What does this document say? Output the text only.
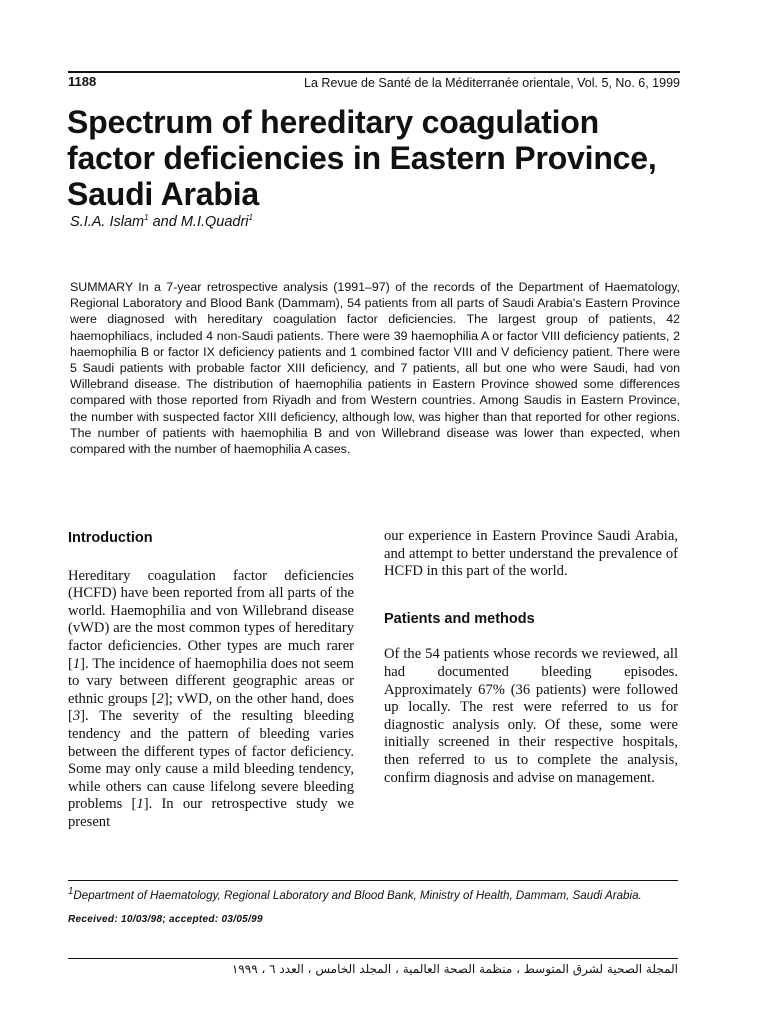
1188	La Revue de Santé de la Méditerranée orientale, Vol. 5, No. 6, 1999
Spectrum of hereditary coagulation factor deficiencies in Eastern Province, Saudi Arabia
S.I.A. Islam$^1$ and M.I.Quadri$^1$

SUMMARY In a 7-year retrospective analysis (1991–97) of the records of the Department of Haematology, Regional Laboratory and Blood Bank (Dammam), 54 patients from all parts of Saudi Arabia's Eastern Province were diagnosed with hereditary coagulation factor deficiencies. The largest group of patients, 42 haemophiliacs, included 4 non-Saudi patients. There were 39 haemophilia A or factor VIII deficiency patients, 2 haemophilia B or factor IX deficiency patients and 1 combined factor VIII and V deficiency patient. There were 5 Saudi patients with probable factor XIII deficiency, and 7 patients, all but one who were Saudi, had von Willebrand disease. The distribution of haemophilia patients in Eastern Province showed some differences compared with those reported from Riyadh and from Western countries. Among Saudis in Eastern Province, the number with suspected factor XIII deficiency, although low, was higher than that reported for other regions. The number of patients with haemophilia B and von Willebrand disease was lower than expected, when compared with the number of haemophilia A cases.

Introduction

Hereditary coagulation factor deficiencies (HCFD) have been reported from all parts of the world. Haemophilia and von Willebrand disease (vWD) are the most common types of hereditary factor deficiencies. Other types are much rarer [1]. The incidence of haemophilia does not seem to vary between different geographic areas or ethnic groups [2]; vWD, on the other hand, does [3]. The severity of the resulting bleeding tendency and the pattern of bleeding varies between the different types of factor deficiency. Some may only cause a mild bleeding tendency, while others can cause lifelong severe bleeding problems [1]. In our retrospective study we present

our experience in Eastern Province Saudi Arabia, and attempt to better understand the prevalence of HCFD in this part of the world.

Patients and methods

Of the 54 patients whose records we reviewed, all had documented bleeding episodes. Approximately 67% (36 patients) were followed up locally. The rest were referred to us for diagnostic analysis only. Of these, some were initially screened in their respective hospitals, then referred to us to complete the analysis, confirm diagnosis and advise on management.

$^1$Department of Haematology, Regional Laboratory and Blood Bank, Ministry of Health, Dammam, Saudi Arabia.
Received: 10/03/98; accepted: 03/05/99
المجلة الصحية لشرق المتوسط ، منظمة الصحة العالمية ، المجلد الخامس ، العدد ٦ ، ١٩٩٩
